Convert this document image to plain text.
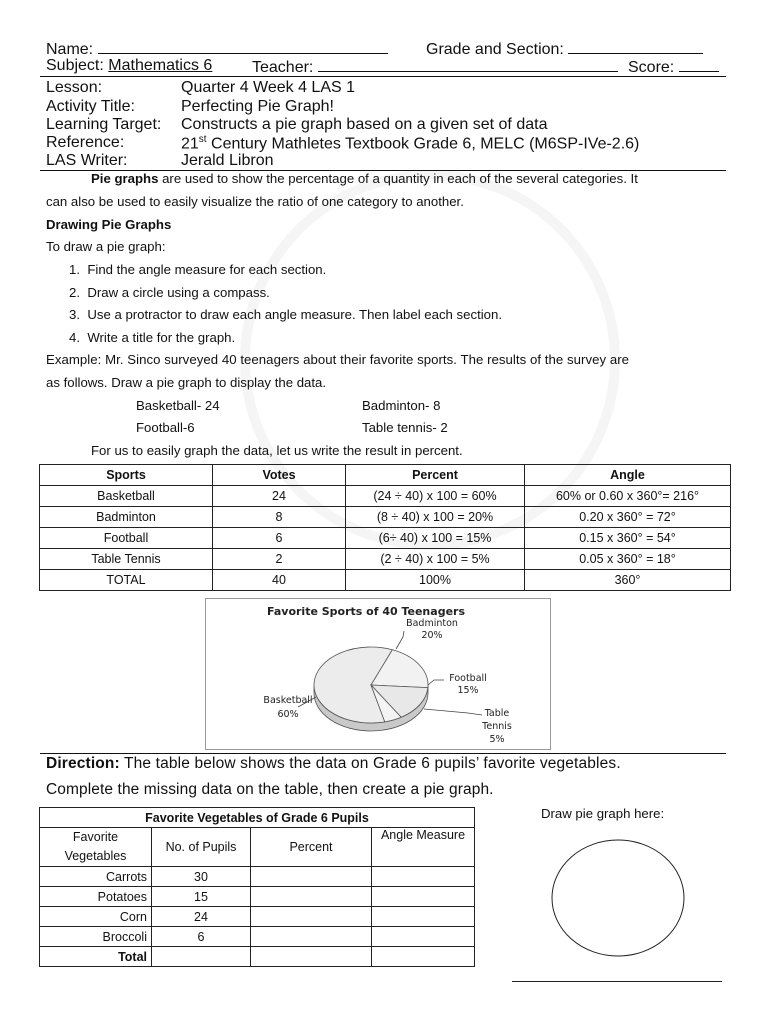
Name:	Grade and Section:
Subject: Mathematics 6 Teacher:	Score:
Lesson:	Quarter 4 Week 4 LAS 1
Activity Title:	Perfecting Pie Graph!
Learning Target: Constructs a pie graph based on a given set of data
Reference:	21st Century Mathletes Textbook Grade 6, MELC (M6SP-IVe-2.6)
LAS Writer:	Jerald Libron
Pie graphs are used to show the percentage of a quantity in each of the several categories. It
can also be used to easily visualize the ratio of one category to another.
Drawing Pie Graphs
To draw a pie graph:
1.  Find the angle measure for each section.
2.  Draw a circle using a compass.
3.  Use a protractor to draw each angle measure. Then label each section.
4.  Write a title for the graph.
Example: Mr. Sinco surveyed 40 teenagers about their favorite sports. The results of the survey are
as follows. Draw a pie graph to display the data.
Basketball- 24	Badminton- 8
Football-6	Table tennis- 2
For us to easily graph the data, let us write the result in percent.
Sports	Votes	Percent	Angle
Basketball	24	(24 ÷ 40) x 100 = 60%	60% or 0.60 x 360°= 216°
Badminton	8	(8 ÷ 40) x 100 = 20%	0.20 x 360° = 72°
Football	6	(6÷ 40) x 100 = 15%	0.15 x 360° = 54°
Table Tennis	2	(2 ÷ 40) x 100 = 5%	0.05 x 360° = 18°
TOTAL	40	100%	360°
Favorite Sports of 40 Teenagers
Badminton
20%
Football
15%
Basketball
60%	Table
Tennis
5%
Direction: The table below shows the data on Grade 6 pupils’ favorite vegetables.
Complete the missing data on the table, then create a pie graph.
Favorite Vegetables of Grade 6 Pupils			
Favorite
Vegetables	No. of Pupils	Percent	Angle Measure
Carrots	30		
Potatoes	15		
Corn	24		
Broccoli	6		
Total			
Draw pie graph here:
